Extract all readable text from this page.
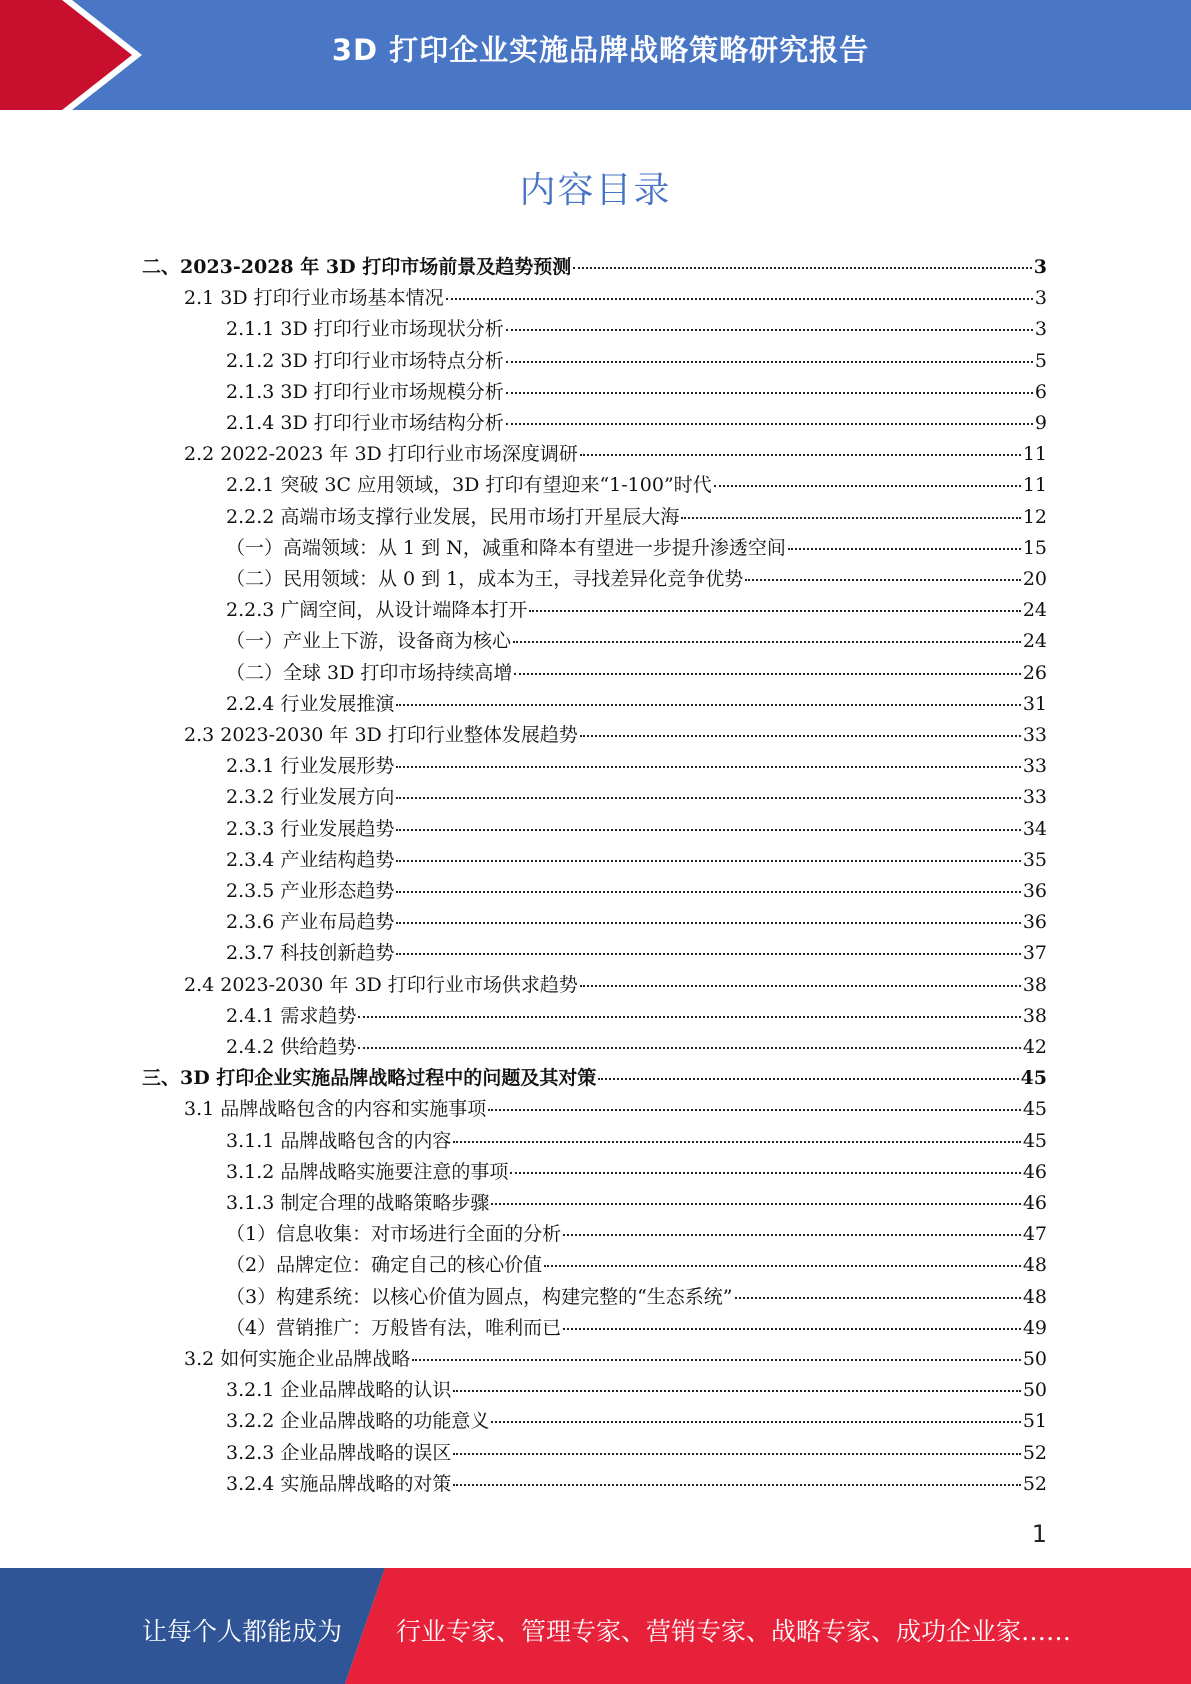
3D 打印企业实施品牌战略策略研究报告
内容目录
二、2023-2028 年 3D 打印市场前景及趋势预测	3
2.1 3D 打印行业市场基本情况	3
2.1.1 3D 打印行业市场现状分析	3
2.1.2 3D 打印行业市场特点分析	5
2.1.3 3D 打印行业市场规模分析	6
2.1.4 3D 打印行业市场结构分析	9
2.2 2022-2023 年 3D 打印行业市场深度调研	11
2.2.1 突破 3C 应用领域，3D 打印有望迎来“1-100”时代	11
2.2.2 高端市场支撑行业发展，民用市场打开星辰大海	12
（一）高端领域：从 1 到 N，减重和降本有望进一步提升渗透空间	15
（二）民用领域：从 0 到 1，成本为王，寻找差异化竞争优势	20
2.2.3 广阔空间，从设计端降本打开	24
（一）产业上下游，设备商为核心	24
（二）全球 3D 打印市场持续高增	26
2.2.4 行业发展推演	31
2.3 2023-2030 年 3D 打印行业整体发展趋势	33
2.3.1 行业发展形势	33
2.3.2 行业发展方向	33
2.3.3 行业发展趋势	34
2.3.4 产业结构趋势	35
2.3.5 产业形态趋势	36
2.3.6 产业布局趋势	36
2.3.7 科技创新趋势	37
2.4 2023-2030 年 3D 打印行业市场供求趋势	38
2.4.1 需求趋势	38
2.4.2 供给趋势	42
三、3D 打印企业实施品牌战略过程中的问题及其对策	45
3.1 品牌战略包含的内容和实施事项	45
3.1.1 品牌战略包含的内容	45
3.1.2 品牌战略实施要注意的事项	46
3.1.3 制定合理的战略策略步骤	46
（1）信息收集：对市场进行全面的分析	47
（2）品牌定位：确定自己的核心价值	48
（3）构建系统：以核心价值为圆点，构建完整的“生态系统”	48
（4）营销推广：万般皆有法，唯利而已	49
3.2 如何实施企业品牌战略	50
3.2.1 企业品牌战略的认识	50
3.2.2 企业品牌战略的功能意义	51
3.2.3 企业品牌战略的误区	52
3.2.4 实施品牌战略的对策	52
1
让每个人都能成为 行业专家、管理专家、营销专家、战略专家、成功企业家……
